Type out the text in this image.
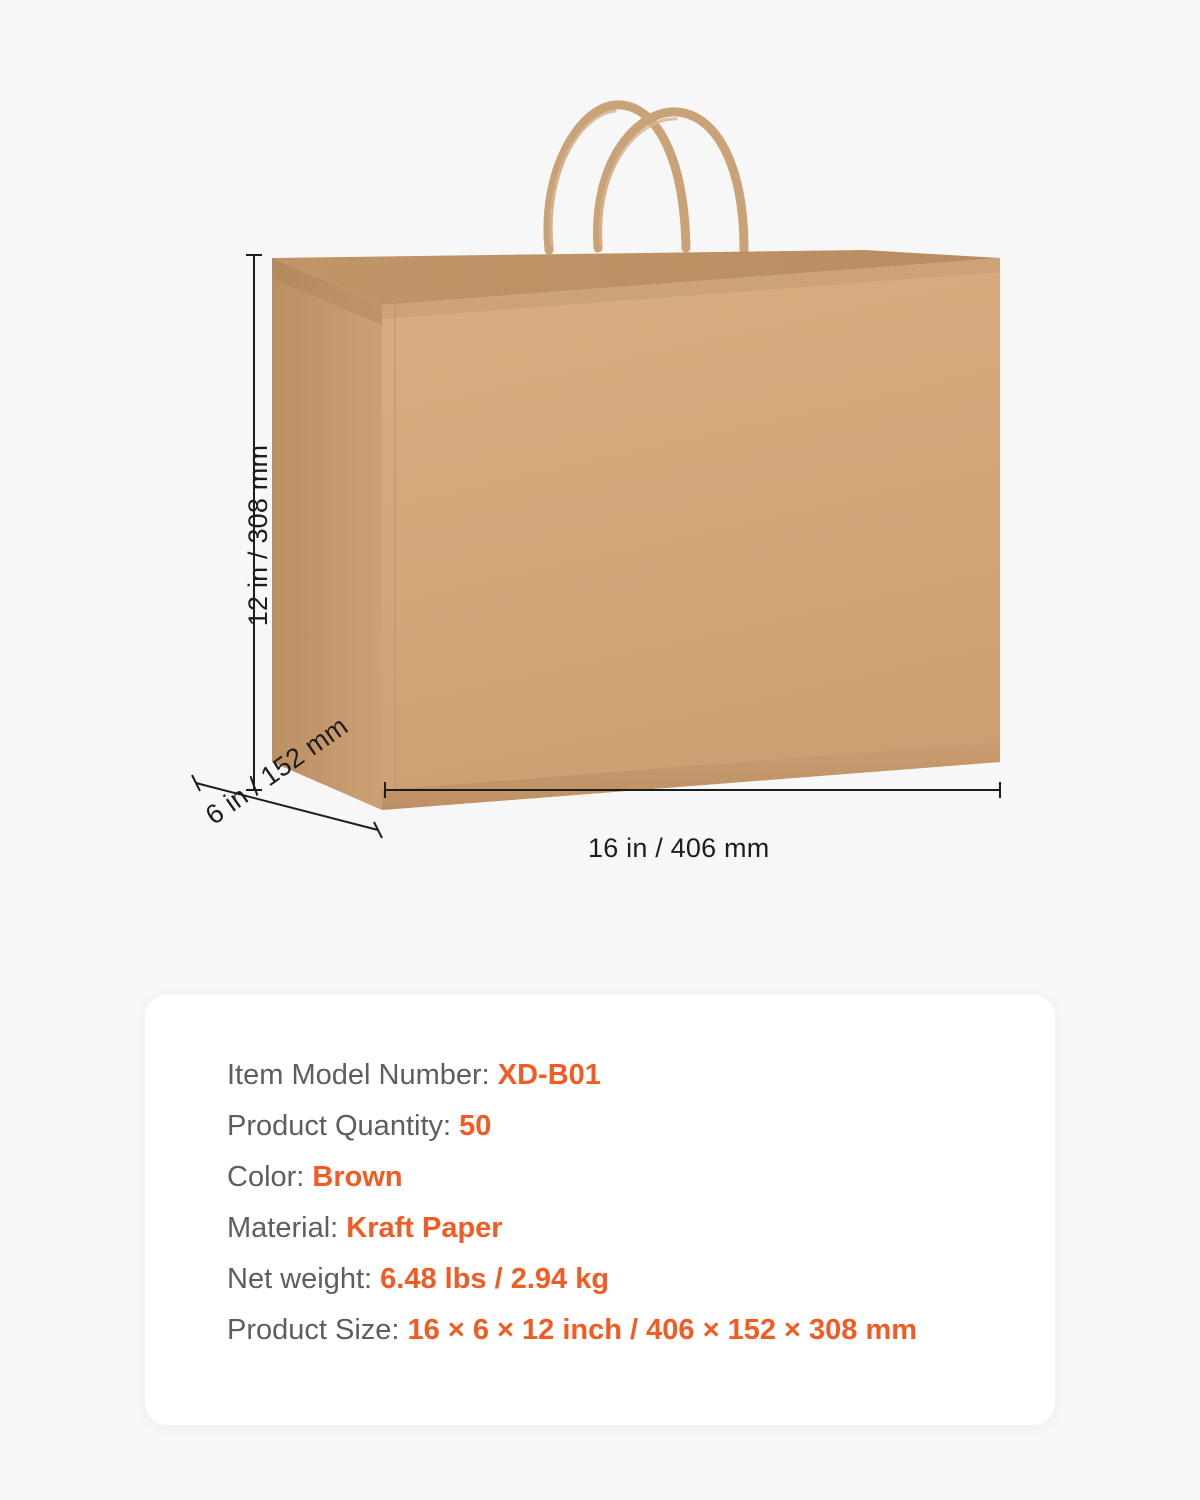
12 in / 308 mm
16 in / 406 mm
6 in / 152 mm
Item Model Number: XD-B01
Product Quantity: 50
Color: Brown
Material: Kraft Paper
Net weight: 6.48 lbs / 2.94 kg
Product Size: 16 × 6 × 12 inch / 406 × 152 × 308 mm
